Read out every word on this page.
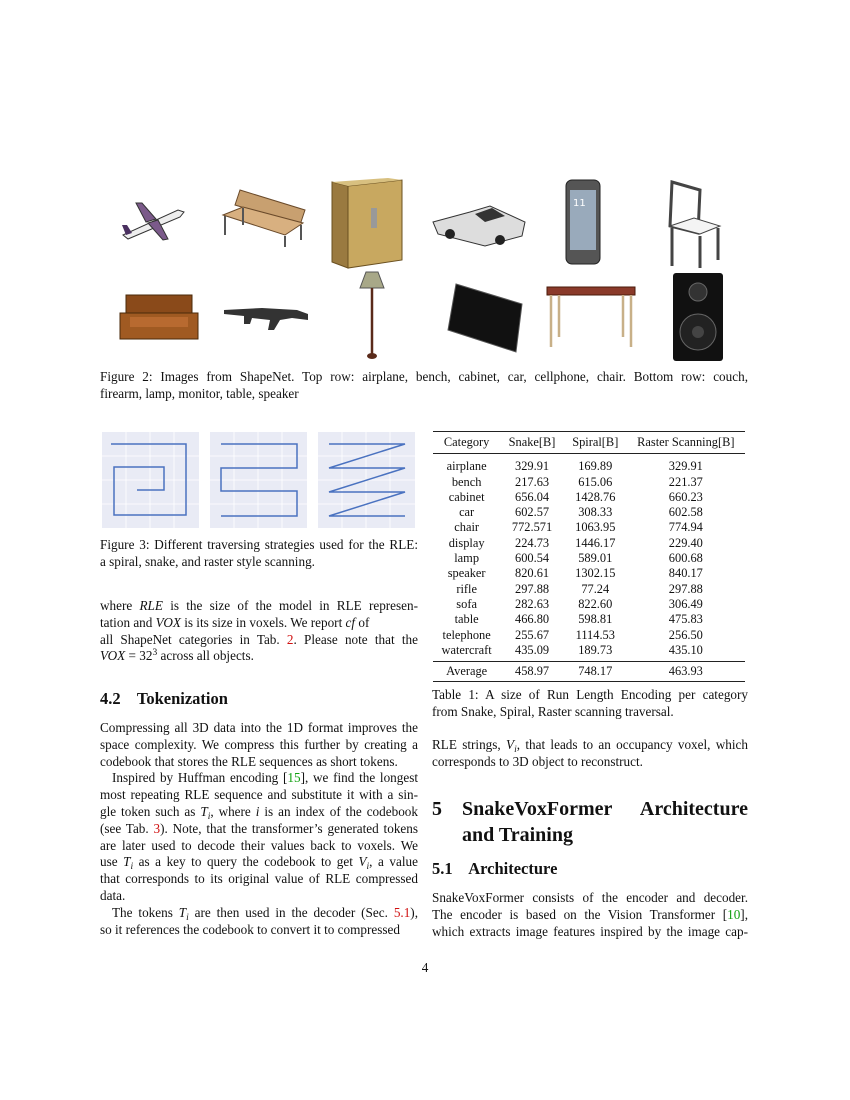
11
Figure 2: Images from ShapeNet. Top row: airplane, bench, cabinet, car, cellphone, chair. Bottom row: couch,
firearm, lamp, monitor, table, speaker
Figure 3: Different traversing strategies used for the RLE:
a spiral, snake, and raster style scanning.
where RLE is the size of the model in RLE represen-
tation and VOX is its size in voxels. We report cf of
all ShapeNet categories in Tab. 2. Please note that the
VOX = $32^3$ across all objects.
4.2 Tokenization
Compressing all 3D data into the 1D format improves the
space complexity. We compress this further by creating a
codebook that stores the RLE sequences as short tokens.
Inspired by Huffman encoding [15], we find the longest
most repeating RLE sequence and substitute it with a sin-
gle token such as $T_i$, where i is an index of the codebook
(see Tab. 3). Note, that the transformer’s generated tokens
are later used to decode their values back to voxels. We
use $T_i$ as a key to query the codebook to get $V_i$, a value
that corresponds to its original value of RLE compressed
data.
The tokens $T_i$ are then used in the decoder (Sec. 5.1),
so it references the codebook to convert it to compressed
Category	Snake[B]	Spiral[B]	Raster Scanning[B]
airplane	329.91	169.89	329.91
bench	217.63	615.06	221.37
cabinet	656.04	1428.76	660.23
car	602.57	308.33	602.58
chair	772.571	1063.95	774.94
display	224.73	1446.17	229.40
lamp	600.54	589.01	600.68
speaker	820.61	1302.15	840.17
rifle	297.88	77.24	297.88
sofa	282.63	822.60	306.49
table	466.80	598.81	475.83
telephone	255.67	1114.53	256.50
watercraft	435.09	189.73	435.10
Average	458.97	748.17	463.93
Table 1: A size of Run Length Encoding per category
from Snake, Spiral, Raster scanning traversal.
RLE strings, $V_i$, that leads to an occupancy voxel, which
corresponds to 3D object to reconstruct.
5	SnakeVoxFormer Architecture
and Training
5.1 Architecture
SnakeVoxFormer consists of the encoder and decoder.
The encoder is based on the Vision Transformer [10],
which extracts image features inspired by the image cap-
4
